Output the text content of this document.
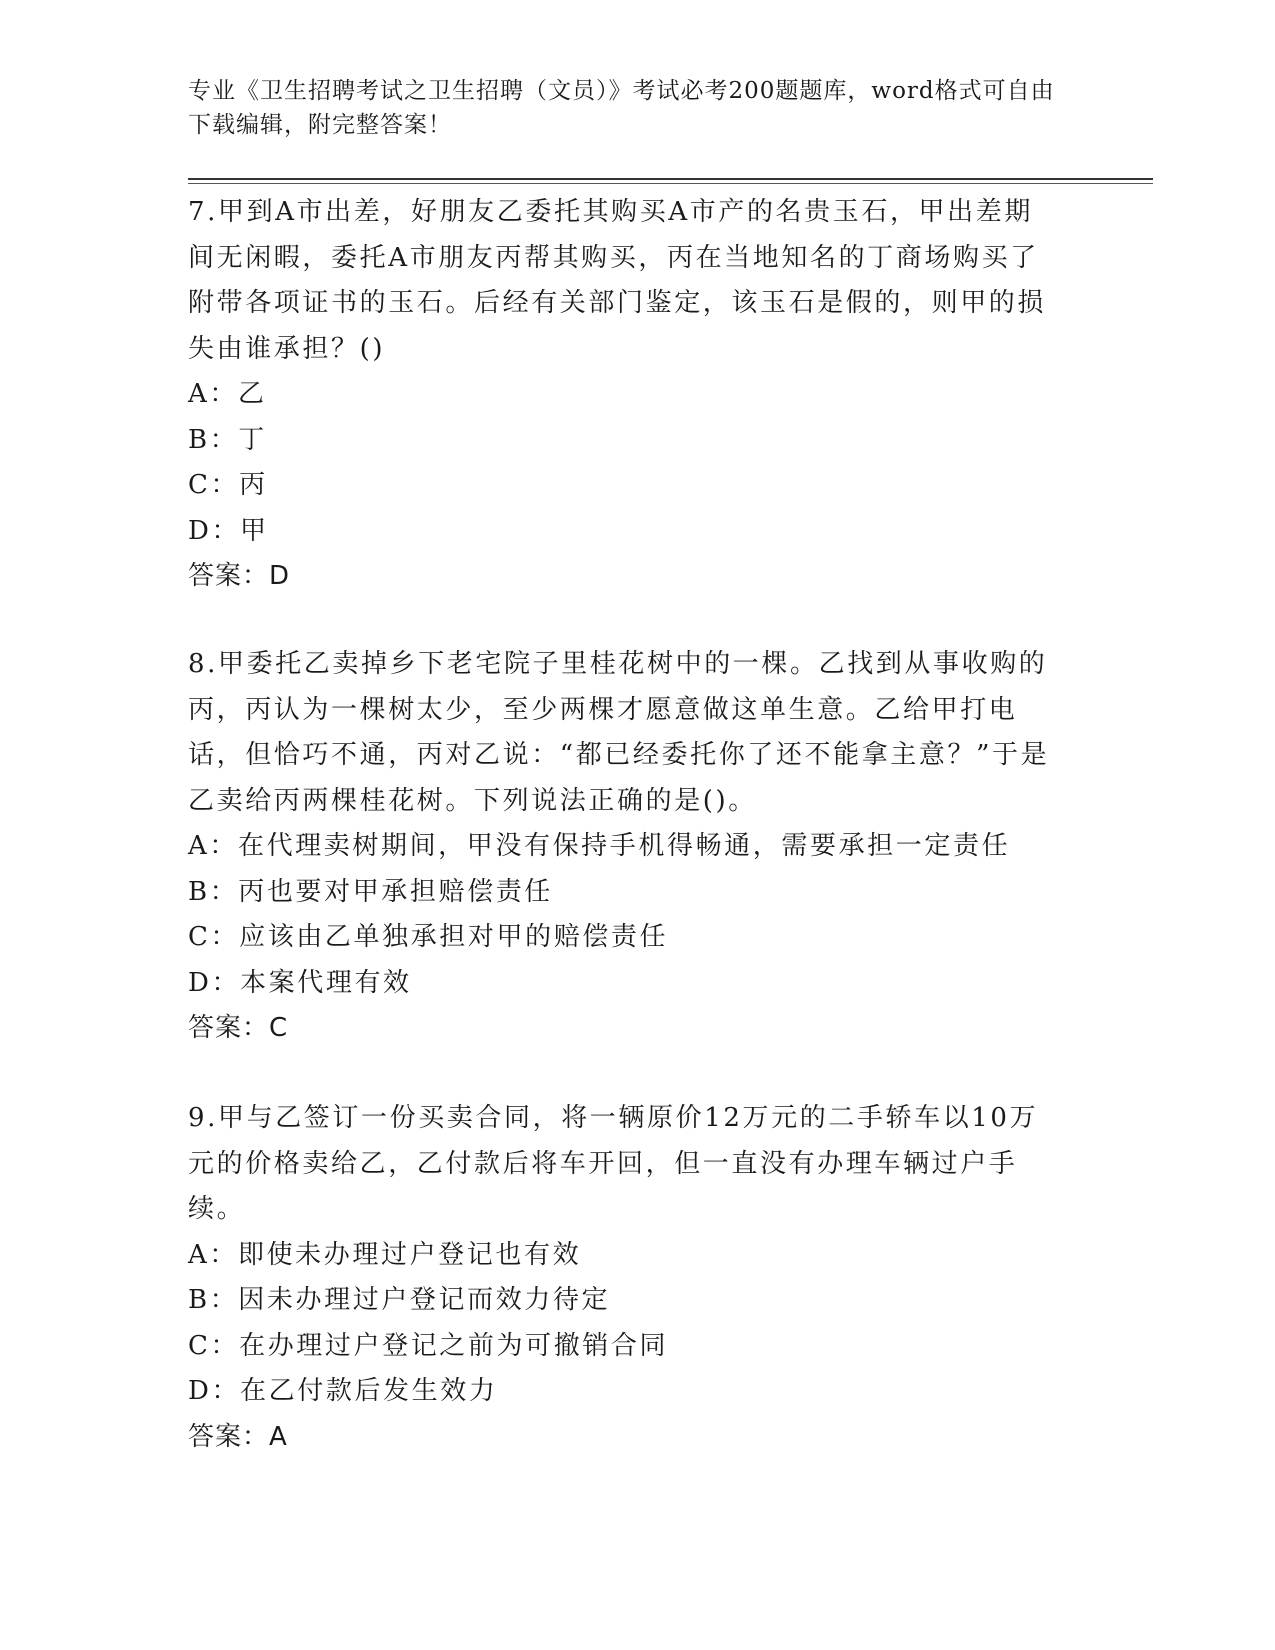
专业《卫生招聘考试之卫生招聘（文员）》考试必考200题题库，word格式可自由下载编辑，附完整答案！

7.甲到A市出差，好朋友乙委托其购买A市产的名贵玉石，甲出差期间无闲暇，委托A市朋友丙帮其购买，丙在当地知名的丁商场购买了附带各项证书的玉石。后经有关部门鉴定，该玉石是假的，则甲的损失由谁承担？()

A：乙

B：丁

C：丙

D：甲

答案：D

8.甲委托乙卖掉乡下老宅院子里桂花树中的一棵。乙找到从事收购的丙，丙认为一棵树太少，至少两棵才愿意做这单生意。乙给甲打电话，但恰巧不通，丙对乙说：“都已经委托你了还不能拿主意？”于是乙卖给丙两棵桂花树。下列说法正确的是()。

A：在代理卖树期间，甲没有保持手机得畅通，需要承担一定责任

B：丙也要对甲承担赔偿责任

C：应该由乙单独承担对甲的赔偿责任

D：本案代理有效

答案：C

9.甲与乙签订一份买卖合同，将一辆原价12万元的二手轿车以10万元的价格卖给乙，乙付款后将车开回，但一直没有办理车辆过户手续。

A：即使未办理过户登记也有效

B：因未办理过户登记而效力待定

C：在办理过户登记之前为可撤销合同

D：在乙付款后发生效力

答案：A
